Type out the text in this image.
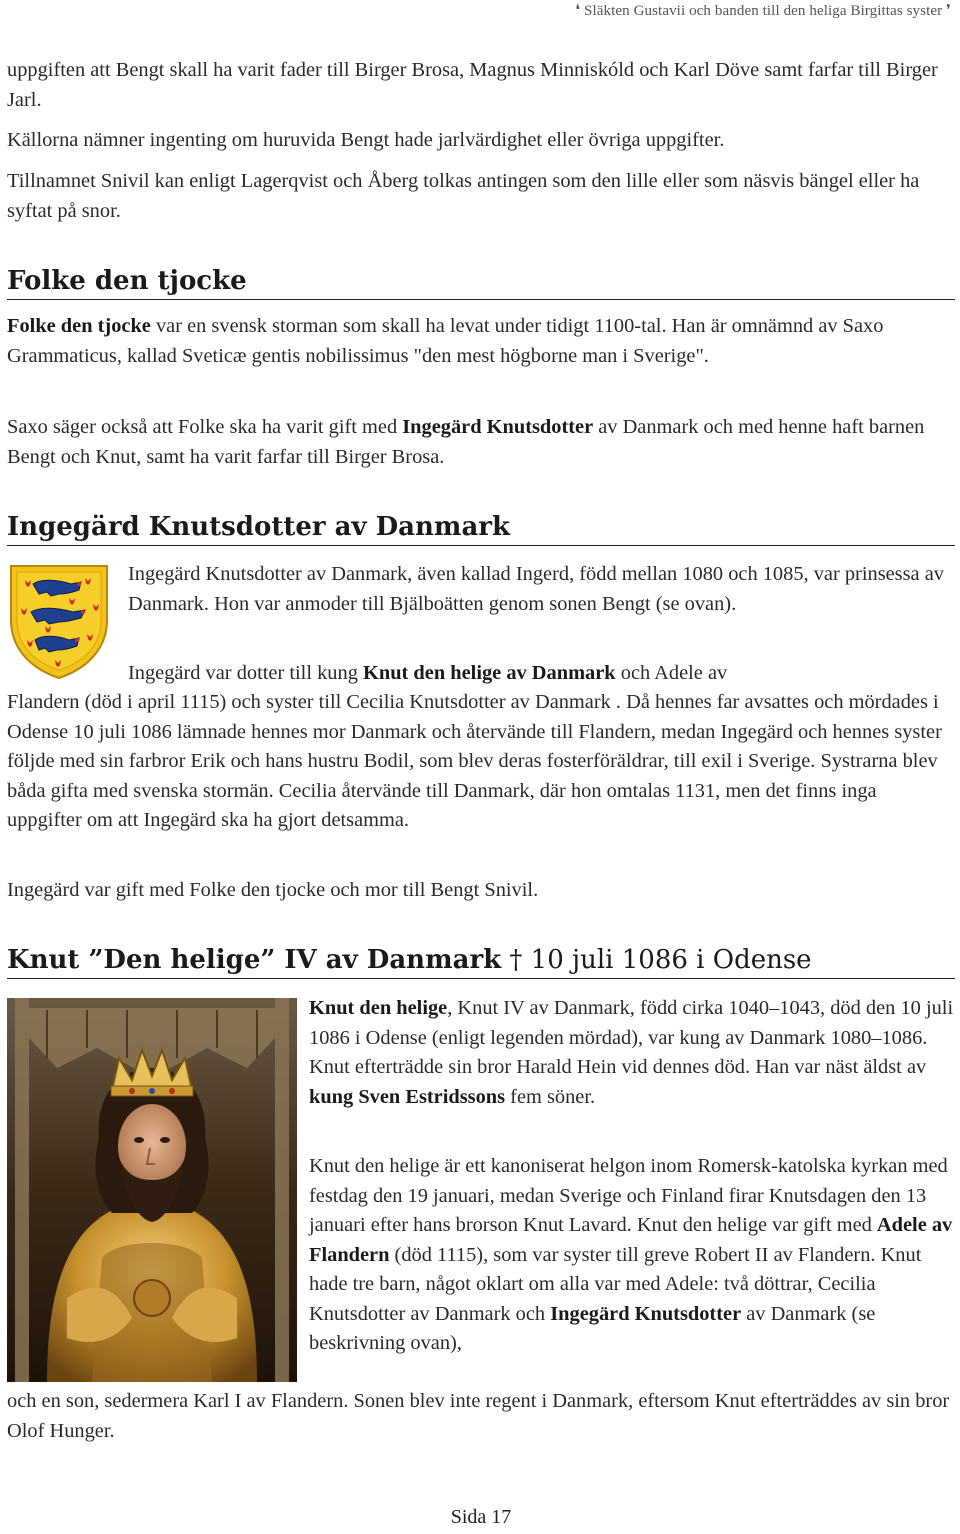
❛ Släkten Gustavii och banden till den heliga Birgittas syster ❜

uppgiften att Bengt skall ha varit fader till Birger Brosa, Magnus Minniskóld och Karl Döve samt farfar till Birger Jarl.

Källorna nämner ingenting om huruvida Bengt hade jarlvärdighet eller övriga uppgifter.

Tillnamnet Snivil kan enligt Lagerqvist och Åberg tolkas antingen som den lille eller som näsvis bängel eller ha syftat på snor.

Folke den tjocke

Folke den tjocke var en svensk storman som skall ha levat under tidigt 1100-tal. Han är omnämnd av Saxo Grammaticus, kallad Sveticæ gentis nobilissimus "den mest högborne man i Sverige".

Saxo säger också att Folke ska ha varit gift med Ingegärd Knutsdotter av Danmark och med henne haft barnen Bengt och Knut, samt ha varit farfar till Birger Brosa.

Ingegärd Knutsdotter av Danmark

Ingegärd Knutsdotter av Danmark, även kallad Ingerd, född mellan 1080 och 1085, var prinsessa av Danmark. Hon var anmoder till Bjälboätten genom sonen Bengt (se ovan).

Ingegärd var dotter till kung Knut den helige av Danmark och Adele av

Flandern (död i april 1115) och syster till Cecilia Knutsdotter av Danmark . Då hennes far avsattes och mördades i Odense 10 juli 1086 lämnade hennes mor Danmark och återvände till Flandern, medan Ingegärd och hennes syster följde med sin farbror Erik och hans hustru Bodil, som blev deras fosterföräldrar, till exil i Sverige. Systrarna blev båda gifta med svenska stormän. Cecilia återvände till Danmark, där hon omtalas 1131, men det finns inga uppgifter om att Ingegärd ska ha gjort detsamma.

Ingegärd var gift med Folke den tjocke och mor till Bengt Snivil.

Knut ”Den helige” IV av Danmark † 10 juli 1086 i Odense

Knut den helige, Knut IV av Danmark, född cirka 1040–1043, död den 10 juli 1086 i Odense (enligt legenden mördad), var kung av Danmark 1080–1086. Knut efterträdde sin bror Harald Hein vid dennes död. Han var näst äldst av kung Sven Estridssons fem söner.

Knut den helige är ett kanoniserat helgon inom Romersk-katolska kyrkan med festdag den 19 januari, medan Sverige och Finland firar Knutsdagen den 13 januari efter hans brorson Knut Lavard. Knut den helige var gift med Adele av Flandern (död 1115), som var syster till greve Robert II av Flandern. Knut hade tre barn, något oklart om alla var med Adele: två döttrar, Cecilia Knutsdotter av Danmark och Ingegärd Knutsdotter av Danmark (se beskrivning ovan),

och en son, sedermera Karl I av Flandern. Sonen blev inte regent i Danmark, eftersom Knut efterträddes av sin bror Olof Hunger.

Sida 17
